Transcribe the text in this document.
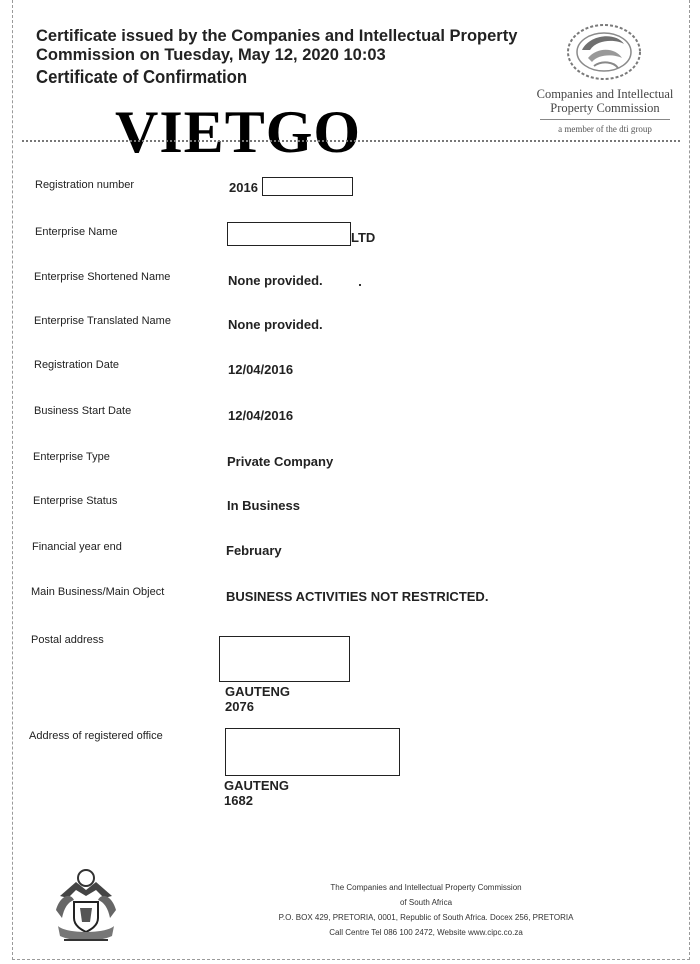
Certificate issued by the Companies and Intellectual Property Commission on Tuesday, May 12, 2020 10:03
Certificate of Confirmation
Companies and Intellectual
Property Commission
a member of the dti group
VIETGO
Registration number	2016
Enterprise Name	LTD
Enterprise Shortened Name	None provided.
Enterprise Translated Name	None provided.
Registration Date	12/04/2016
Business Start Date	12/04/2016
Enterprise Type	Private Company
Enterprise Status	In Business
Financial year end	February
Main Business/Main Object	BUSINESS ACTIVITIES NOT RESTRICTED.
Postal address
GAUTENG
2076
Address of registered office
GAUTENG
1682
The Companies and Intellectual Property Commission
of South Africa
P.O. BOX 429, PRETORIA, 0001, Republic of South Africa. Docex 256, PRETORIA
Call Centre Tel 086 100 2472, Website www.cipc.co.za
